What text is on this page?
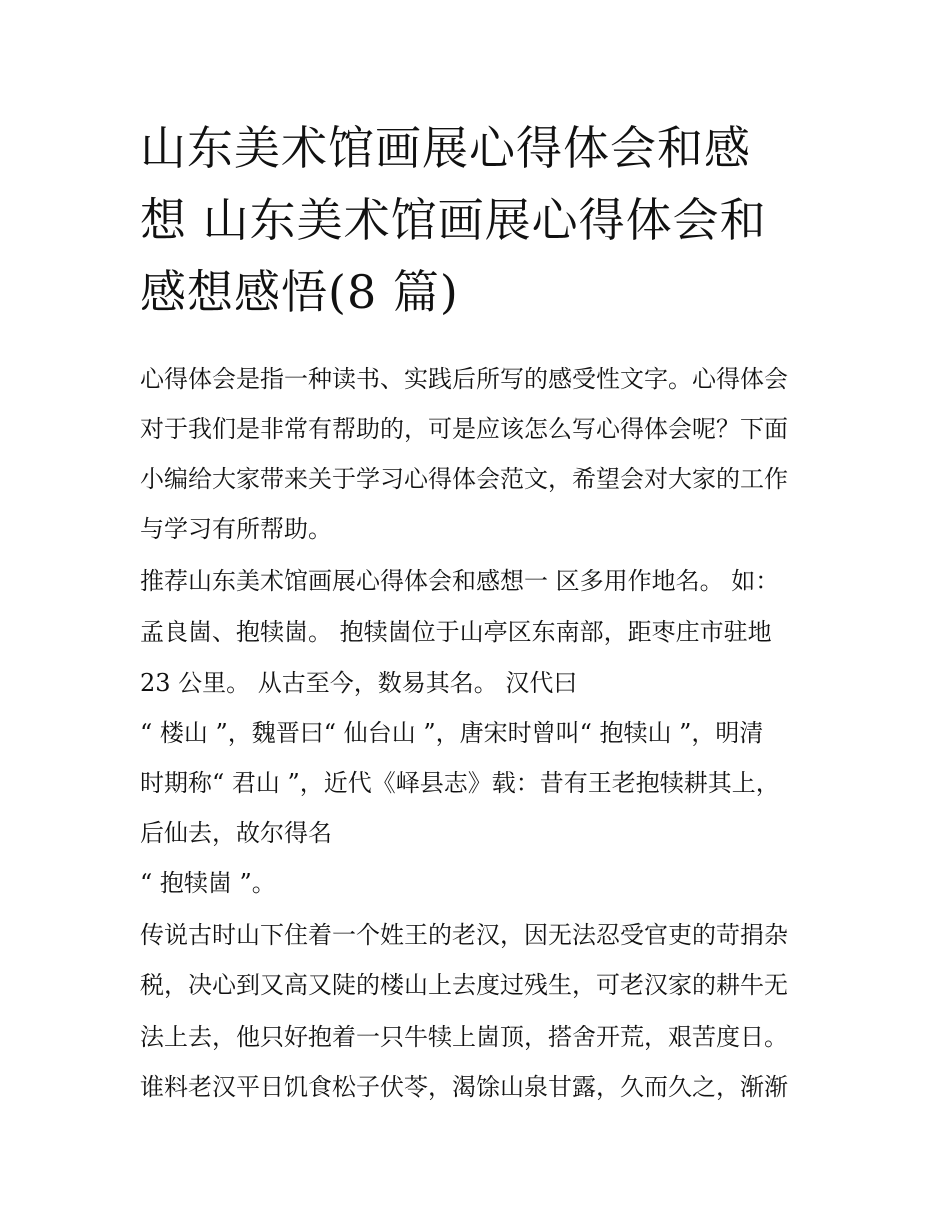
山东美术馆画展心得体会和感
想 山东美术馆画展心得体会和
感想感悟(8 篇)
心得体会是指一种读书、实践后所写的感受性文字。心得体会
对于我们是非常有帮助的，可是应该怎么写心得体会呢？下面
小编给大家带来关于学习心得体会范文，希望会对大家的工作
与学习有所帮助。
推荐山东美术馆画展心得体会和感想一 区多用作地名。 如：
孟良崮、抱犊崮。 抱犊崮位于山亭区东南部，距枣庄市驻地
23 公里。 从古至今，数易其名。 汉代曰
“ 楼山 ”，魏晋曰“ 仙台山 ”，唐宋时曾叫“ 抱犊山 ”，明清
时期称“ 君山 ”，近代《峄县志》载：昔有王老抱犊耕其上，
后仙去，故尔得名
“ 抱犊崮 ”。
传说古时山下住着一个姓王的老汉，因无法忍受官吏的苛捐杂
税，决心到又高又陡的楼山上去度过残生，可老汉家的耕牛无
法上去，他只好抱着一只牛犊上崮顶，搭舍开荒，艰苦度日。
谁料老汉平日饥食松子伏苓，渴馀山泉甘露，久而久之，渐渐
